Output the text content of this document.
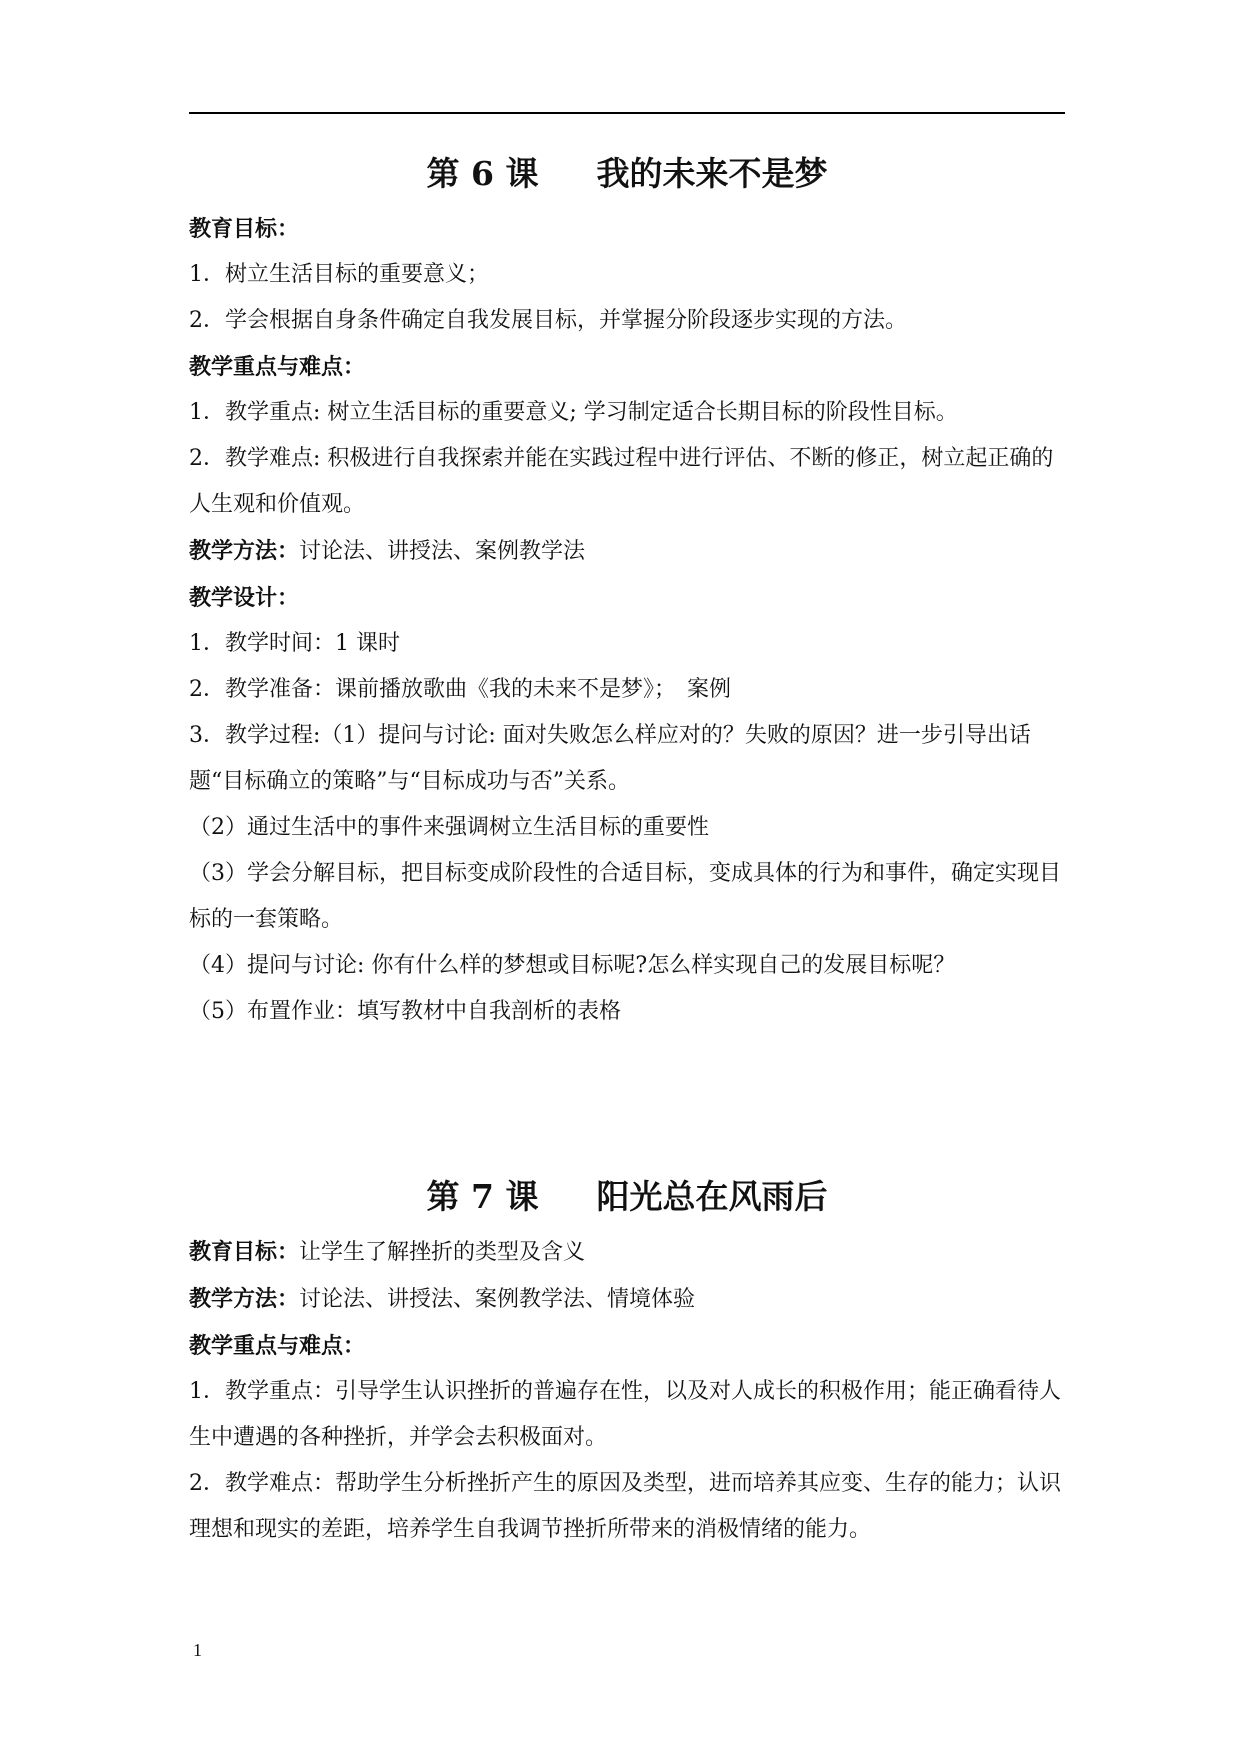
第 6 课 我的未来不是梦

教育目标：

1．树立生活目标的重要意义；

2．学会根据自身条件确定自我发展目标，并掌握分阶段逐步实现的方法。

教学重点与难点：

1．教学重点: 树立生活目标的重要意义; 学习制定适合长期目标的阶段性目标。

2．教学难点: 积极进行自我探索并能在实践过程中进行评估、不断的修正，树立起正确的人生观和价值观。

教学方法：讨论法、讲授法、案例教学法

教学设计：

1．教学时间：1 课时

2．教学准备：课前播放歌曲《我的未来不是梦》；　案例

3．教学过程:（1）提问与讨论: 面对失败怎么样应对的？失败的原因？进一步引导出话题“目标确立的策略”与“目标成功与否”关系。

（2）通过生活中的事件来强调树立生活目标的重要性

（3）学会分解目标，把目标变成阶段性的合适目标，变成具体的行为和事件，确定实现目标的一套策略。

（4）提问与讨论: 你有什么样的梦想或目标呢?怎么样实现自己的发展目标呢？

（5）布置作业：填写教材中自我剖析的表格

第 7 课 阳光总在风雨后

教育目标：让学生了解挫折的类型及含义

教学方法：讨论法、讲授法、案例教学法、情境体验

教学重点与难点：

1．教学重点：引导学生认识挫折的普遍存在性，以及对人成长的积极作用；能正确看待人生中遭遇的各种挫折，并学会去积极面对。

2．教学难点：帮助学生分析挫折产生的原因及类型，进而培养其应变、生存的能力；认识理想和现实的差距，培养学生自我调节挫折所带来的消极情绪的能力。

1
